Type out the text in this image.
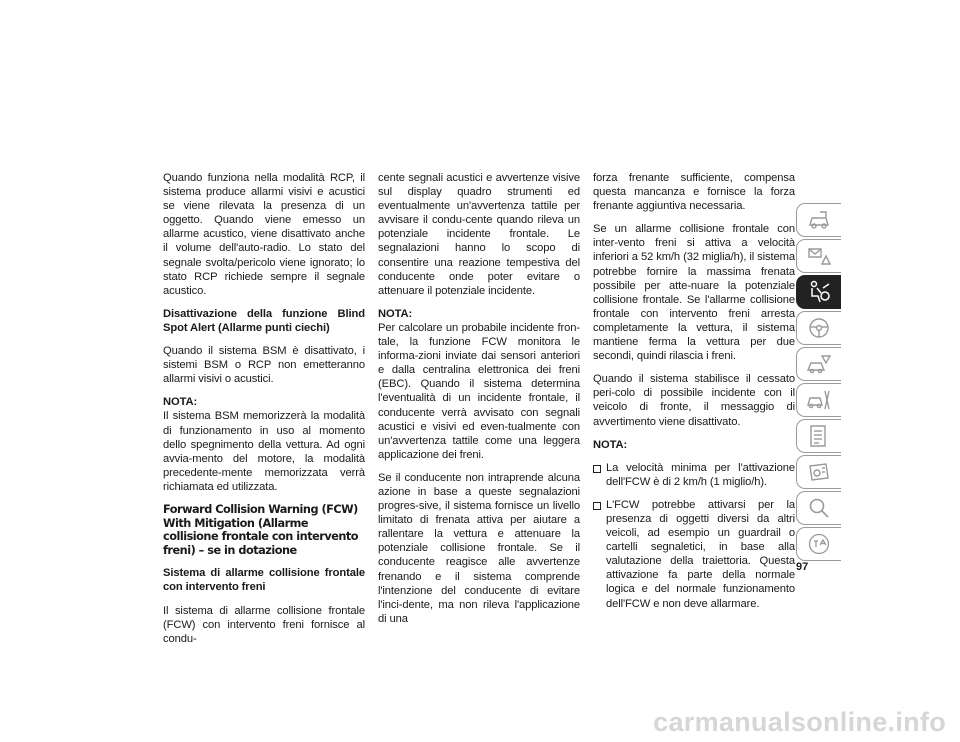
Quando funziona nella modalità RCP, il sistema produce allarmi visivi e acustici se viene rilevata la presenza di un oggetto. Quando viene emesso un allarme acustico, viene disattivato anche il volume dell'auto-radio. Lo stato del segnale svolta/pericolo viene ignorato; lo stato RCP richiede sempre il segnale acustico.

Disattivazione della funzione Blind Spot Alert (Allarme punti ciechi)

Quando il sistema BSM è disattivato, i sistemi BSM o RCP non emetteranno allarmi visivi o acustici.

NOTA:
Il sistema BSM memorizzerà la modalità di funzionamento in uso al momento dello spegnimento della vettura. Ad ogni avvia-mento del motore, la modalità precedente-mente memorizzata verrà richiamata ed utilizzata.

Forward Collision Warning (FCW) With Mitigation (Allarme collisione frontale con intervento freni) – se in dotazione

Sistema di allarme collisione frontale con intervento freni

Il sistema di allarme collisione frontale (FCW) con intervento freni fornisce al condu-

cente segnali acustici e avvertenze visive sul display quadro strumenti ed eventualmente un'avvertenza tattile per avvisare il condu-cente quando rileva un potenziale incidente frontale. Le segnalazioni hanno lo scopo di consentire una reazione tempestiva del conducente onde poter evitare o attenuare il potenziale incidente.

NOTA:
Per calcolare un probabile incidente fron-tale, la funzione FCW monitora le informa-zioni inviate dai sensori anteriori e dalla centralina elettronica dei freni (EBC). Quando il sistema determina l'eventualità di un incidente frontale, il conducente verrà avvisato con segnali acustici e visivi ed even-tualmente con un'avvertenza tattile come una leggera applicazione dei freni.

Se il conducente non intraprende alcuna azione in base a queste segnalazioni progres-sive, il sistema fornisce un livello limitato di frenata attiva per aiutare a rallentare la vettura e attenuare la potenziale collisione frontale. Se il conducente reagisce alle avvertenze frenando e il sistema comprende l'intenzione del conducente di evitare l'inci-dente, ma non rileva l'applicazione di una

forza frenante sufficiente, compensa questa mancanza e fornisce la forza frenante aggiuntiva necessaria.

Se un allarme collisione frontale con inter-vento freni si attiva a velocità inferiori a 52 km/h (32 miglia/h), il sistema potrebbe fornire la massima frenata possibile per atte-nuare la potenziale collisione frontale. Se l'allarme collisione frontale con intervento freni arresta completamente la vettura, il sistema mantiene ferma la vettura per due secondi, quindi rilascia i freni.

Quando il sistema stabilisce il cessato peri-colo di possibile incidente con il veicolo di fronte, il messaggio di avvertimento viene disattivato.

NOTA:

La velocità minima per l'attivazione dell'FCW è di 2 km/h (1 miglio/h).
L'FCW potrebbe attivarsi per la presenza di oggetti diversi da altri veicoli, ad esempio un guardrail o cartelli segnaletici, in base alla valutazione della traiettoria. Questa attivazione fa parte della normale logica e del normale funzionamento dell'FCW e non deve allarmare.
97
carmanualsonline.info
